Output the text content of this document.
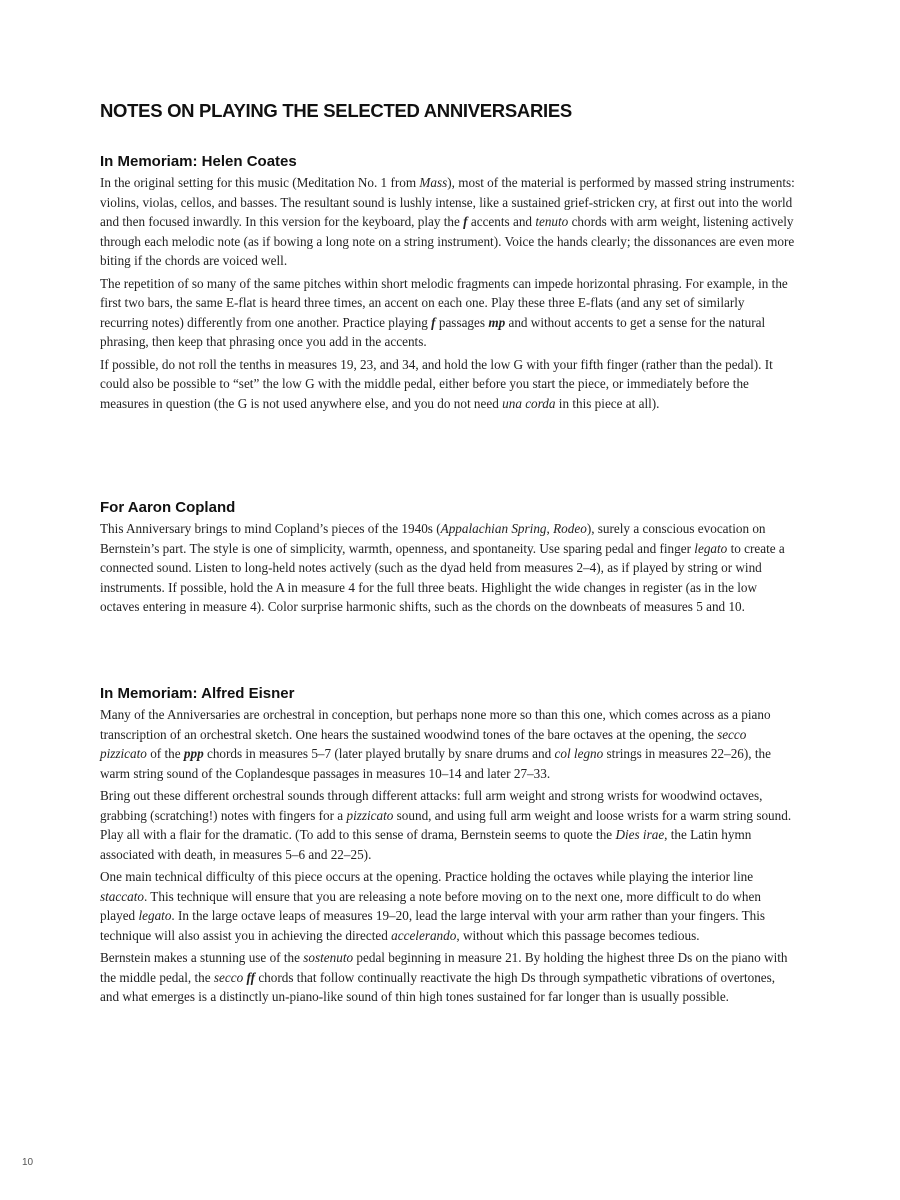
NOTES ON PLAYING THE SELECTED ANNIVERSARIES
In Memoriam: Helen Coates

In the original setting for this music (Meditation No. 1 from Mass), most of the material is performed by massed string instruments: violins, violas, cellos, and basses. The resultant sound is lushly intense, like a sustained grief-stricken cry, at first out into the world and then focused inwardly. In this version for the keyboard, play the f accents and tenuto chords with arm weight, listening actively through each melodic note (as if bowing a long note on a string instrument). Voice the hands clearly; the dissonances are even more biting if the chords are voiced well.

The repetition of so many of the same pitches within short melodic fragments can impede horizontal phrasing. For example, in the first two bars, the same E-flat is heard three times, an accent on each one. Play these three E-flats (and any set of similarly recurring notes) differently from one another. Practice playing f passages mp and without accents to get a sense for the natural phrasing, then keep that phrasing once you add in the accents.

If possible, do not roll the tenths in measures 19, 23, and 34, and hold the low G with your fifth finger (rather than the pedal). It could also be possible to “set” the low G with the middle pedal, either before you start the piece, or immediately before the measures in question (the G is not used anywhere else, and you do not need una corda in this piece at all).

For Aaron Copland

This Anniversary brings to mind Copland’s pieces of the 1940s (Appalachian Spring, Rodeo), surely a conscious evocation on Bernstein’s part. The style is one of simplicity, warmth, openness, and spontaneity. Use sparing pedal and finger legato to create a connected sound. Listen to long-held notes actively (such as the dyad held from measures 2–4), as if played by string or wind instruments. If possible, hold the A in measure 4 for the full three beats. Highlight the wide changes in register (as in the low octaves entering in measure 4). Color surprise harmonic shifts, such as the chords on the downbeats of measures 5 and 10.

In Memoriam: Alfred Eisner

Many of the Anniversaries are orchestral in conception, but perhaps none more so than this one, which comes across as a piano transcription of an orchestral sketch. One hears the sustained woodwind tones of the bare octaves at the opening, the secco pizzicato of the ppp chords in measures 5–7 (later played brutally by snare drums and col legno strings in measures 22–26), the warm string sound of the Coplandesque passages in measures 10–14 and later 27–33.

Bring out these different orchestral sounds through different attacks: full arm weight and strong wrists for woodwind octaves, grabbing (scratching!) notes with fingers for a pizzicato sound, and using full arm weight and loose wrists for a warm string sound. Play all with a flair for the dramatic. (To add to this sense of drama, Bernstein seems to quote the Dies irae, the Latin hymn associated with death, in measures 5–6 and 22–25).

One main technical difficulty of this piece occurs at the opening. Practice holding the octaves while playing the interior line staccato. This technique will ensure that you are releasing a note before moving on to the next one, more difficult to do when played legato. In the large octave leaps of measures 19–20, lead the large interval with your arm rather than your fingers. This technique will also assist you in achieving the directed accelerando, without which this passage becomes tedious.

Bernstein makes a stunning use of the sostenuto pedal beginning in measure 21. By holding the highest three Ds on the piano with the middle pedal, the secco ff chords that follow continually reactivate the high Ds through sympathetic vibrations of overtones, and what emerges is a distinctly un-piano-like sound of thin high tones sustained for far longer than is usually possible.

10
